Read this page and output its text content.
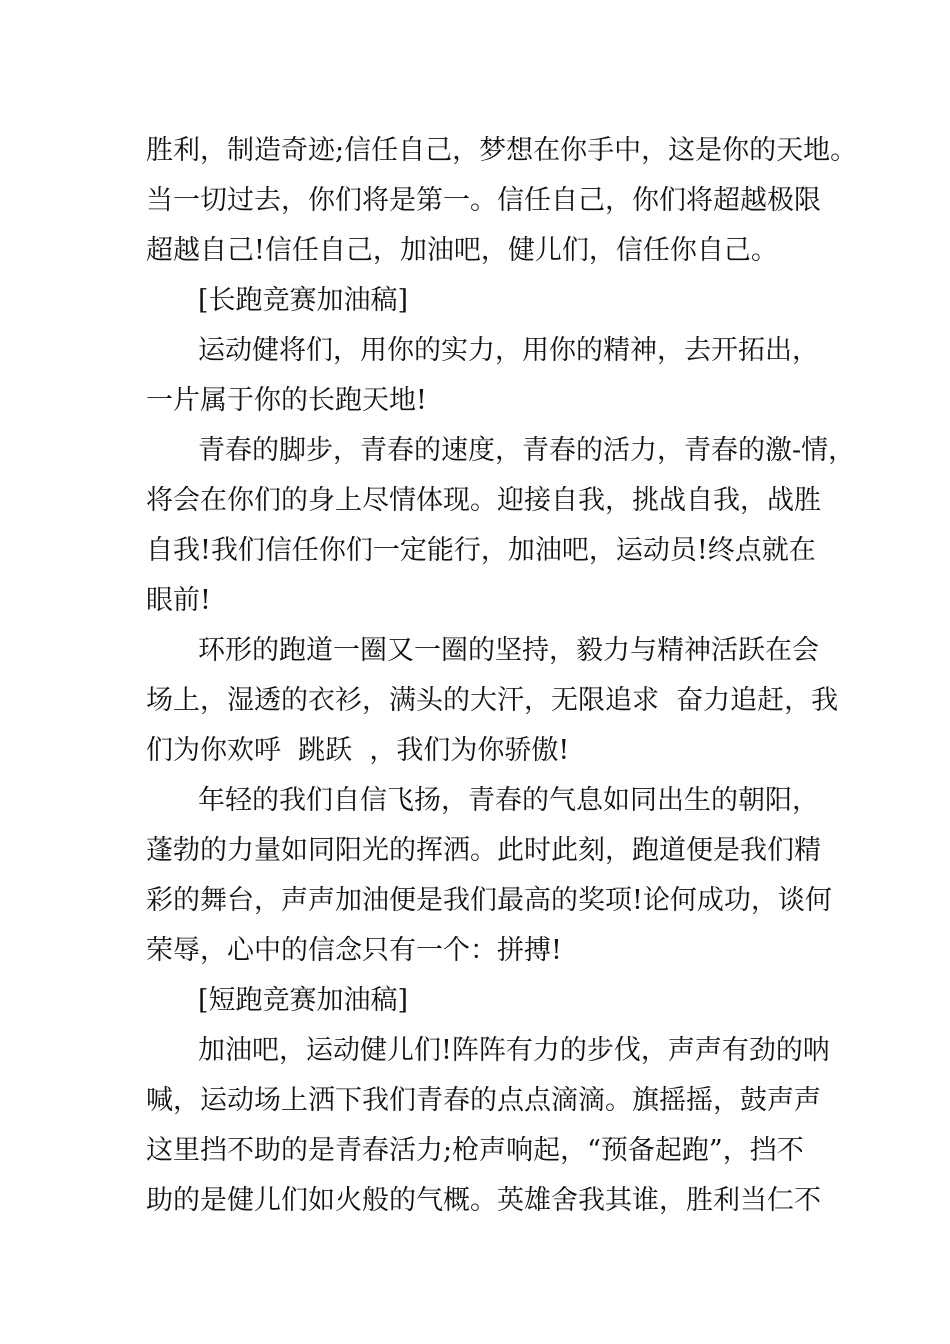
胜利，制造奇迹;信任自己，梦想在你手中，这是你的天地。
当一切过去，你们将是第一。信任自己，你们将超越极限
超越自己!信任自己，加油吧，健儿们，信任你自己。
[长跑竞赛加油稿]
运动健将们，用你的实力，用你的精神，去开拓出，
一片属于你的长跑天地!
青春的脚步，青春的速度，青春的活力，青春的激-情，
将会在你们的身上尽情体现。迎接自我，挑战自我，战胜
自我!我们信任你们一定能行，加油吧，运动员!终点就在
眼前!
环形的跑道一圈又一圈的坚持，毅力与精神活跃在会
场上，湿透的衣衫，满头的大汗，无限追求  奋力追赶，我
们为你欢呼  跳跃  ，我们为你骄傲!
年轻的我们自信飞扬，青春的气息如同出生的朝阳，
蓬勃的力量如同阳光的挥洒。此时此刻，跑道便是我们精
彩的舞台，声声加油便是我们最高的奖项!论何成功，谈何
荣辱，心中的信念只有一个：拼搏!
[短跑竞赛加油稿]
加油吧，运动健儿们!阵阵有力的步伐，声声有劲的呐
喊，运动场上洒下我们青春的点点滴滴。旗摇摇，鼓声声
这里挡不助的是青春活力;枪声响起，“预备起跑”，挡不
助的是健儿们如火般的气概。英雄舍我其谁，胜利当仁不
